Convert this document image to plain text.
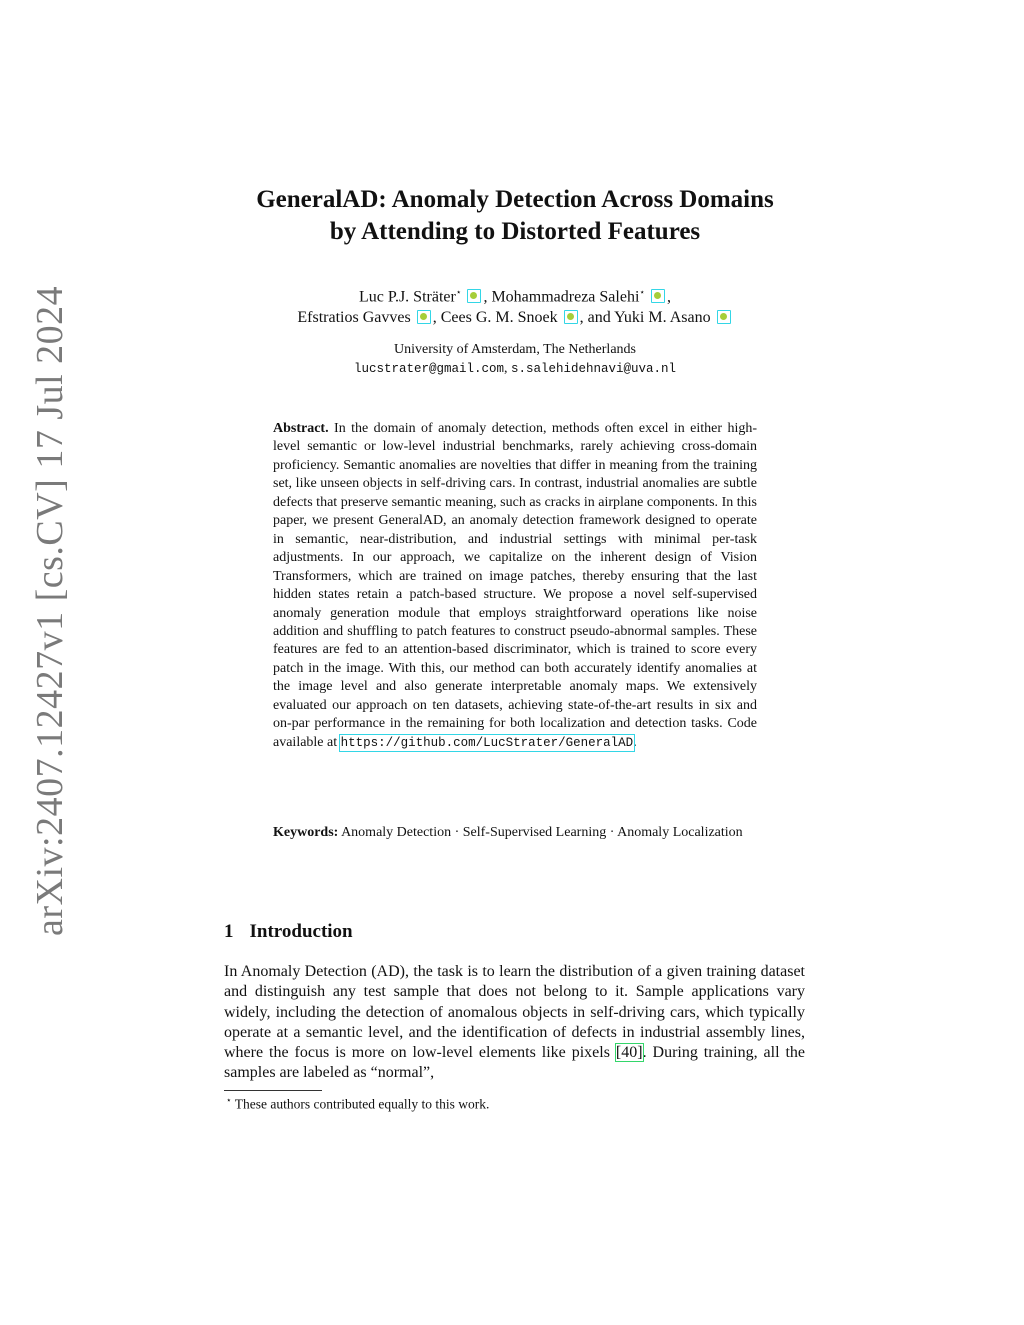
arXiv:2407.12427v1 [cs.CV] 17 Jul 2024
GeneralAD: Anomaly Detection Across Domains
by Attending to Distorted Features
Luc P.J. Sträter⋆ , Mohammadreza Salehi⋆ ,
Efstratios Gavves , Cees G. M. Snoek , and Yuki M. Asano
University of Amsterdam, The Netherlands
lucstrater@gmail.com, s.salehidehnavi@uva.nl

Abstract. In the domain of anomaly detection, methods often excel in either high-level semantic or low-level industrial benchmarks, rarely achieving cross-domain proficiency. Semantic anomalies are novelties that differ in meaning from the training set, like unseen objects in self-driving cars. In contrast, industrial anomalies are subtle defects that preserve semantic meaning, such as cracks in airplane components. In this paper, we present GeneralAD, an anomaly detection framework designed to operate in semantic, near-distribution, and industrial settings with minimal per-task adjustments. In our approach, we capitalize on the inherent design of Vision Transformers, which are trained on image patches, thereby ensuring that the last hidden states retain a patch-based structure. We propose a novel self-supervised anomaly generation module that employs straightforward operations like noise addition and shuffling to patch features to construct pseudo-abnormal samples. These features are fed to an attention-based discriminator, which is trained to score every patch in the image. With this, our method can both accurately identify anomalies at the image level and also generate interpretable anomaly maps. We extensively evaluated our approach on ten datasets, achieving state-of-the-art results in six and on-par performance in the remaining for both localization and detection tasks. Code available at https://github.com/LucStrater/GeneralAD.

Keywords: Anomaly Detection · Self-Supervised Learning · Anomaly Localization

1 Introduction

In Anomaly Detection (AD), the task is to learn the distribution of a given training dataset and distinguish any test sample that does not belong to it. Sample applications vary widely, including the detection of anomalous objects in self-driving cars, which typically operate at a semantic level, and the identification of defects in industrial assembly lines, where the focus is more on low-level elements like pixels [40]. During training, all the samples are labeled as “normal”,

⋆ These authors contributed equally to this work.
